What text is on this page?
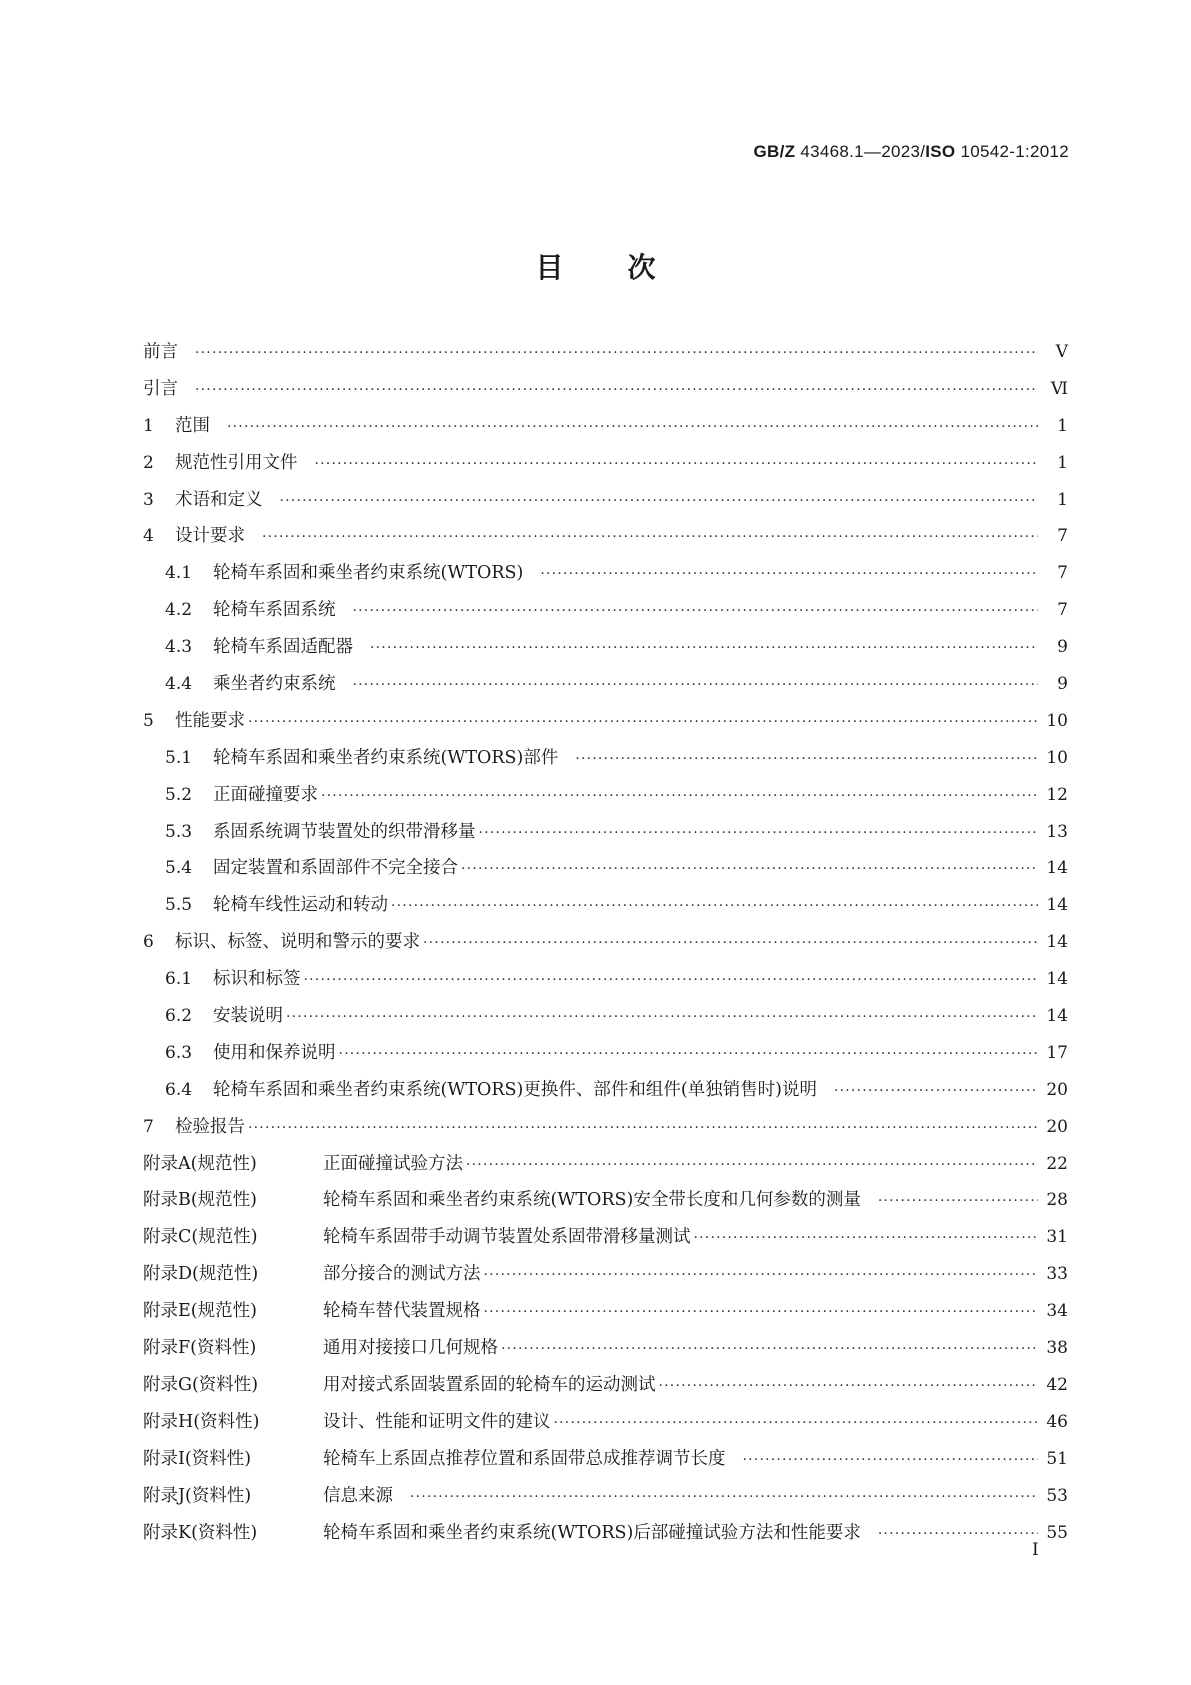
GB/Z 43468.1—2023/ISO 10542-1:2012
目次
前言 ·····	Ⅴ
引言 ·····	Ⅵ
1	范围 ·····	1
2	规范性引用文件 ·····	1
3	术语和定义 ·····	1
4	设计要求 ·····	7
4.1	轮椅车系固和乘坐者约束系统(WTORS) ·····	7
4.2	轮椅车系固系统 ·····	7
4.3	轮椅车系固适配器 ·····	9
4.4	乘坐者约束系统 ·····	9
5	性能要求 ·····	10
5.1	轮椅车系固和乘坐者约束系统(WTORS)部件 ·····	10
5.2	正面碰撞要求 ·····	12
5.3	系固系统调节装置处的织带滑移量 ·····	13
5.4	固定装置和系固部件不完全接合 ·····	14
5.5	轮椅车线性运动和转动 ·····	14
6	标识、标签、说明和警示的要求 ·····	14
6.1	标识和标签 ·····	14
6.2	安装说明 ·····	14
6.3	使用和保养说明 ·····	17
6.4	轮椅车系固和乘坐者约束系统(WTORS)更换件、部件和组件(单独销售时)说明 ·····	20
7	检验报告 ·····	20
附录A(规范性)	正面碰撞试验方法 ·····	22
附录B(规范性)	轮椅车系固和乘坐者约束系统(WTORS)安全带长度和几何参数的测量 ·····	28
附录C(规范性)	轮椅车系固带手动调节装置处系固带滑移量测试 ·····	31
附录D(规范性)	部分接合的测试方法 ·····	33
附录E(规范性)	轮椅车替代装置规格 ·····	34
附录F(资料性)	通用对接接口几何规格 ·····	38
附录G(资料性)	用对接式系固装置系固的轮椅车的运动测试 ·····	42
附录H(资料性)	设计、性能和证明文件的建议 ·····	46
附录I(资料性)	轮椅车上系固点推荐位置和系固带总成推荐调节长度 ·····	51
附录J(资料性)	信息来源 ·····	53
附录K(资料性)	轮椅车系固和乘坐者约束系统(WTORS)后部碰撞试验方法和性能要求 ·····	55
Ⅰ
